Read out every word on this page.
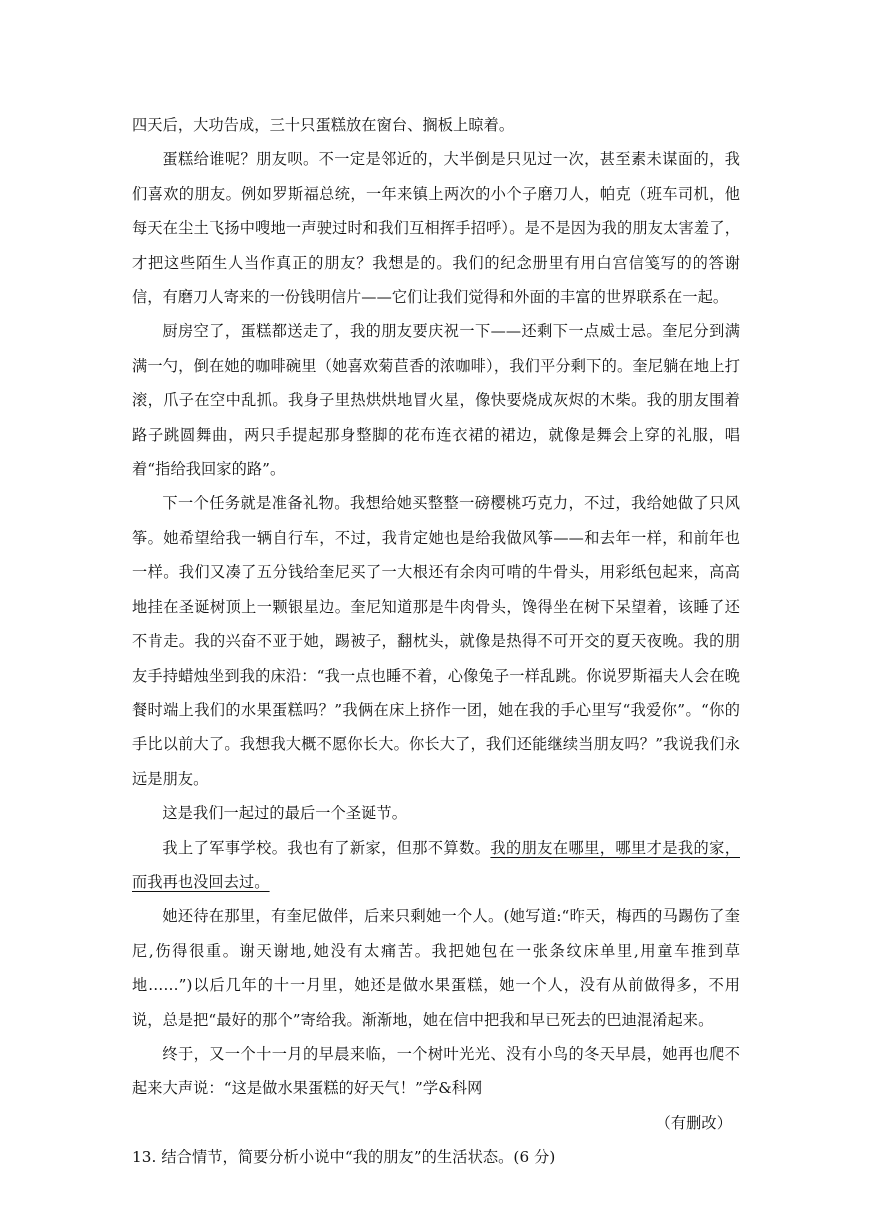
四天后，大功告成，三十只蛋糕放在窗台、搁板上晾着。

蛋糕给谁呢？朋友呗。不一定是邻近的，大半倒是只见过一次，甚至素未谋面的，我们喜欢的朋友。例如罗斯福总统，一年来镇上两次的小个子磨刀人，帕克（班车司机，他每天在尘土飞扬中嗖地一声驶过时和我们互相挥手招呼）。是不是因为我的朋友太害羞了，才把这些陌生人当作真正的朋友？我想是的。我们的纪念册里有用白宫信笺写的的答谢信，有磨刀人寄来的一份钱明信片——它们让我们觉得和外面的丰富的世界联系在一起。

厨房空了，蛋糕都送走了，我的朋友要庆祝一下——还剩下一点威士忌。奎尼分到满满一勺，倒在她的咖啡碗里（她喜欢菊苣香的浓咖啡），我们平分剩下的。奎尼躺在地上打滚，爪子在空中乱抓。我身子里热烘烘地冒火星，像快要烧成灰烬的木柴。我的朋友围着路子跳圆舞曲，两只手提起那身整脚的花布连衣裙的裙边，就像是舞会上穿的礼服，唱着“指给我回家的路”。

下一个任务就是准备礼物。我想给她买整整一磅樱桃巧克力，不过，我给她做了只风筝。她希望给我一辆自行车，不过，我肯定她也是给我做风筝——和去年一样，和前年也一样。我们又凑了五分钱给奎尼买了一大根还有余肉可啃的牛骨头，用彩纸包起来，高高地挂在圣诞树顶上一颗银星边。奎尼知道那是牛肉骨头，馋得坐在树下呆望着，该睡了还不肯走。我的兴奋不亚于她，踢被子，翻枕头，就像是热得不可开交的夏天夜晚。我的朋友手持蜡烛坐到我的床沿：“我一点也睡不着，心像兔子一样乱跳。你说罗斯福夫人会在晚餐时端上我们的水果蛋糕吗？”我俩在床上挤作一团，她在我的手心里写“我爱你”。“你的手比以前大了。我想我大概不愿你长大。你长大了，我们还能继续当朋友吗？”我说我们永远是朋友。

这是我们一起过的最后一个圣诞节。

我上了军事学校。我也有了新家，但那不算数。我的朋友在哪里，哪里才是我的家，而我再也没回去过。

她还待在那里，有奎尼做伴，后来只剩她一个人。(她写道:“昨天，梅西的马踢伤了奎尼,伤得很重。谢天谢地,她没有太痛苦。我把她包在一张条纹床单里,用童车推到草地……”)以后几年的十一月里，她还是做水果蛋糕，她一个人，没有从前做得多，不用说，总是把“最好的那个”寄给我。渐渐地，她在信中把我和早已死去的巴迪混淆起来。

终于，又一个十一月的早晨来临，一个树叶光光、没有小鸟的冬天早晨，她再也爬不起来大声说：“这是做水果蛋糕的好天气！”学&科网

（有删改）

13. 结合情节，简要分析小说中“我的朋友”的生活状态。(6 分)
